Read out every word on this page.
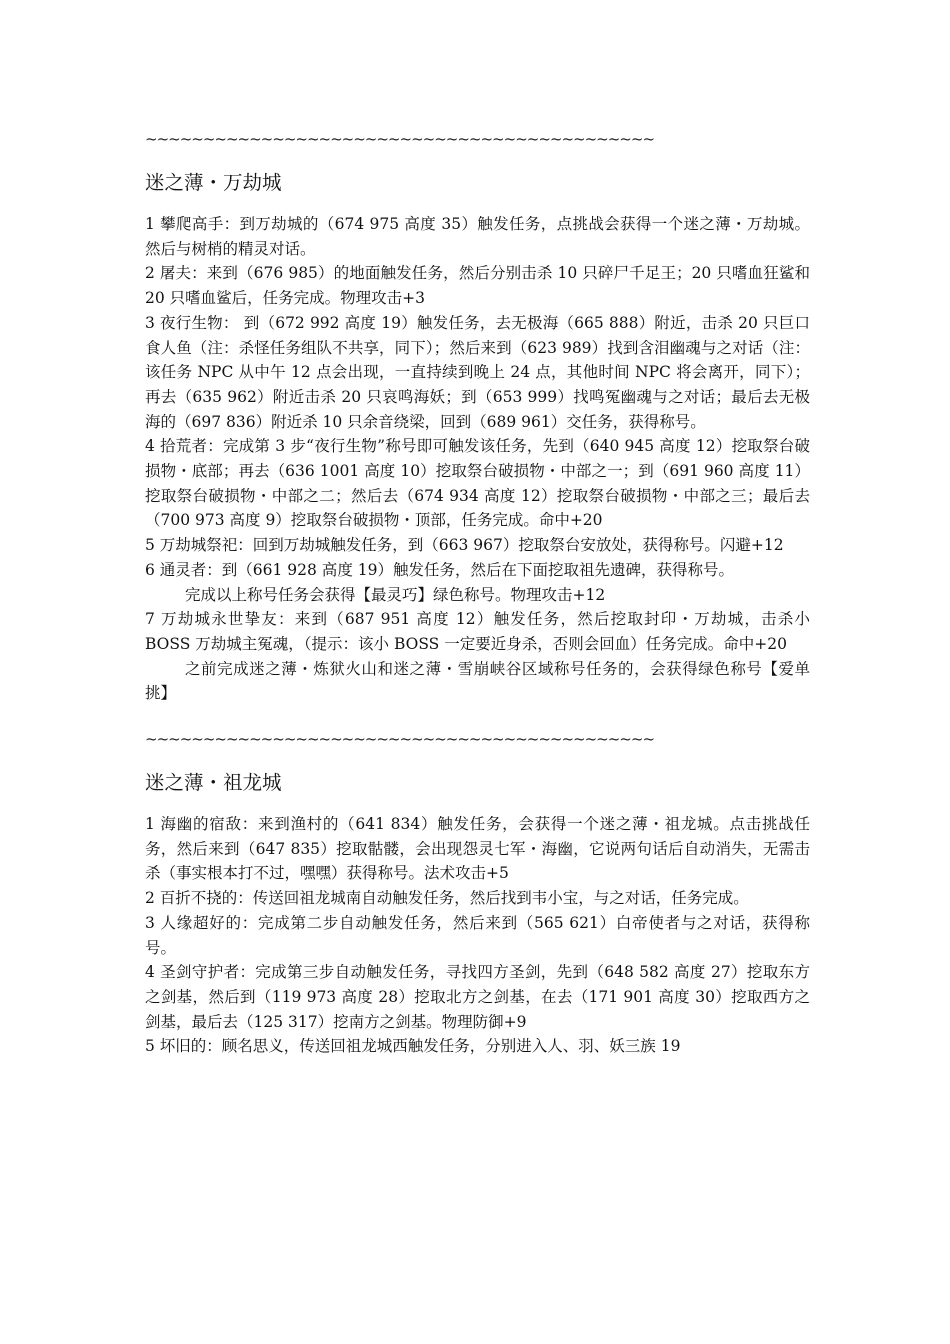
~~~~~~~~~~~~~~~~~~~~~~~~~~~~~~~~~~~~~~~~~~~~
迷之薄・万劫城

1 攀爬高手：到万劫城的（674 975 高度 35）触发任务，点挑战会获得一个迷之薄・万劫城。然后与树梢的精灵对话。

2 屠夫：来到（676 985）的地面触发任务，然后分别击杀 10 只碎尸千足王；20 只嗜血狂鲨和 20 只嗜血鲨后，任务完成。物理攻击+3

3 夜行生物： 到（672 992 高度 19）触发任务，去无极海（665 888）附近，击杀 20 只巨口食人鱼（注：杀怪任务组队不共享，同下）；然后来到（623 989）找到含泪幽魂与之对话（注：该任务 NPC 从中午 12 点会出现，一直持续到晚上 24 点，其他时间 NPC 将会离开，同下）；再去（635 962）附近击杀 20 只哀鸣海妖；到（653 999）找鸣冤幽魂与之对话；最后去无极海的（697 836）附近杀 10 只余音绕梁，回到（689 961）交任务，获得称号。

4 拾荒者：完成第 3 步“夜行生物”称号即可触发该任务，先到（640 945 高度 12）挖取祭台破损物・底部；再去（636 1001 高度 10）挖取祭台破损物・中部之一；到（691 960 高度 11）挖取祭台破损物・中部之二；然后去（674 934 高度 12）挖取祭台破损物・中部之三；最后去（700 973 高度 9）挖取祭台破损物・顶部，任务完成。命中+20

5 万劫城祭祀：回到万劫城触发任务，到（663 967）挖取祭台安放处，获得称号。闪避+12

6 通灵者：到（661 928 高度 19）触发任务，然后在下面挖取祖先遗碑，获得称号。

完成以上称号任务会获得【最灵巧】绿色称号。物理攻击+12

7 万劫城永世挚友：来到（687 951 高度 12）触发任务，然后挖取封印・万劫城，击杀小 BOSS 万劫城主冤魂，（提示：该小 BOSS 一定要近身杀，否则会回血）任务完成。命中+20

之前完成迷之薄・炼狱火山和迷之薄・雪崩峡谷区域称号任务的，会获得绿色称号【爱单挑】

~~~~~~~~~~~~~~~~~~~~~~~~~~~~~~~~~~~~~~~~~~~~
迷之薄・祖龙城

1 海幽的宿敌：来到渔村的（641 834）触发任务，会获得一个迷之薄・祖龙城。点击挑战任务，然后来到（647 835）挖取骷髅，会出现怨灵七军・海幽，它说两句话后自动消失，无需击杀（事实根本打不过，嘿嘿）获得称号。法术攻击+5

2 百折不挠的：传送回祖龙城南自动触发任务，然后找到韦小宝，与之对话，任务完成。

3 人缘超好的：完成第二步自动触发任务，然后来到（565 621）白帝使者与之对话，获得称号。

4 圣剑守护者：完成第三步自动触发任务，寻找四方圣剑，先到（648 582 高度 27）挖取东方之剑基，然后到（119 973 高度 28）挖取北方之剑基，在去（171 901 高度 30）挖取西方之剑基，最后去（125 317）挖南方之剑基。物理防御+9

5 坏旧的：顾名思义，传送回祖龙城西触发任务，分别进入人、羽、妖三族 19
